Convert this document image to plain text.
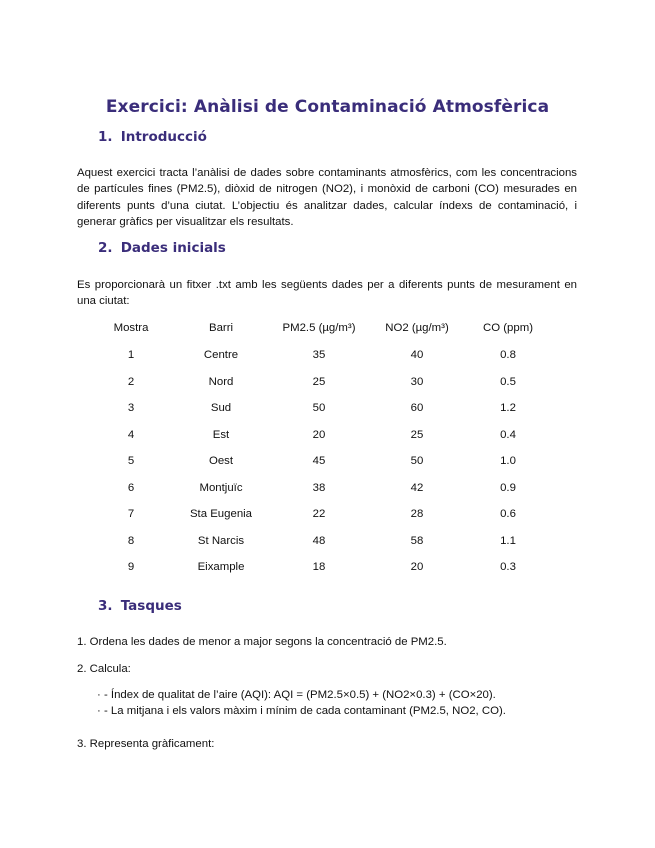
Exercici: Anàlisi de Contaminació Atmosfèrica
1. Introducció
Aquest exercici tracta l’anàlisi de dades sobre contaminants atmosfèrics, com les concentracions de partícules fines (PM2.5), diòxid de nitrogen (NO2), i monòxid de carboni (CO) mesurades en diferents punts d’una ciutat. L’objectiu és analitzar dades, calcular índexs de contaminació, i generar gràfics per visualitzar els resultats.
2. Dades inicials
Es proporcionarà un fitxer .txt amb les següents dades per a diferents punts de mesurament en una ciutat:
Mostra	Barri	PM2.5 (µg/m³)	NO2 (µg/m³)	CO (ppm)
1	Centre	35	40	0.8
2	Nord	25	30	0.5
3	Sud	50	60	1.2
4	Est	20	25	0.4
5	Oest	45	50	1.0
6	Montjuïc	38	42	0.9
7	Sta Eugenia	22	28	0.6
8	St Narcis	48	58	1.1
9	Eixample	18	20	0.3
3. Tasques
1. Ordena les dades de menor a major segons la concentració de PM2.5.
2. Calcula:
· - Índex de qualitat de l’aire (AQI): AQI = (PM2.5×0.5) + (NO2×0.3) + (CO×20).
· - La mitjana i els valors màxim i mínim de cada contaminant (PM2.5, NO2, CO).
3. Representa gràficament:
